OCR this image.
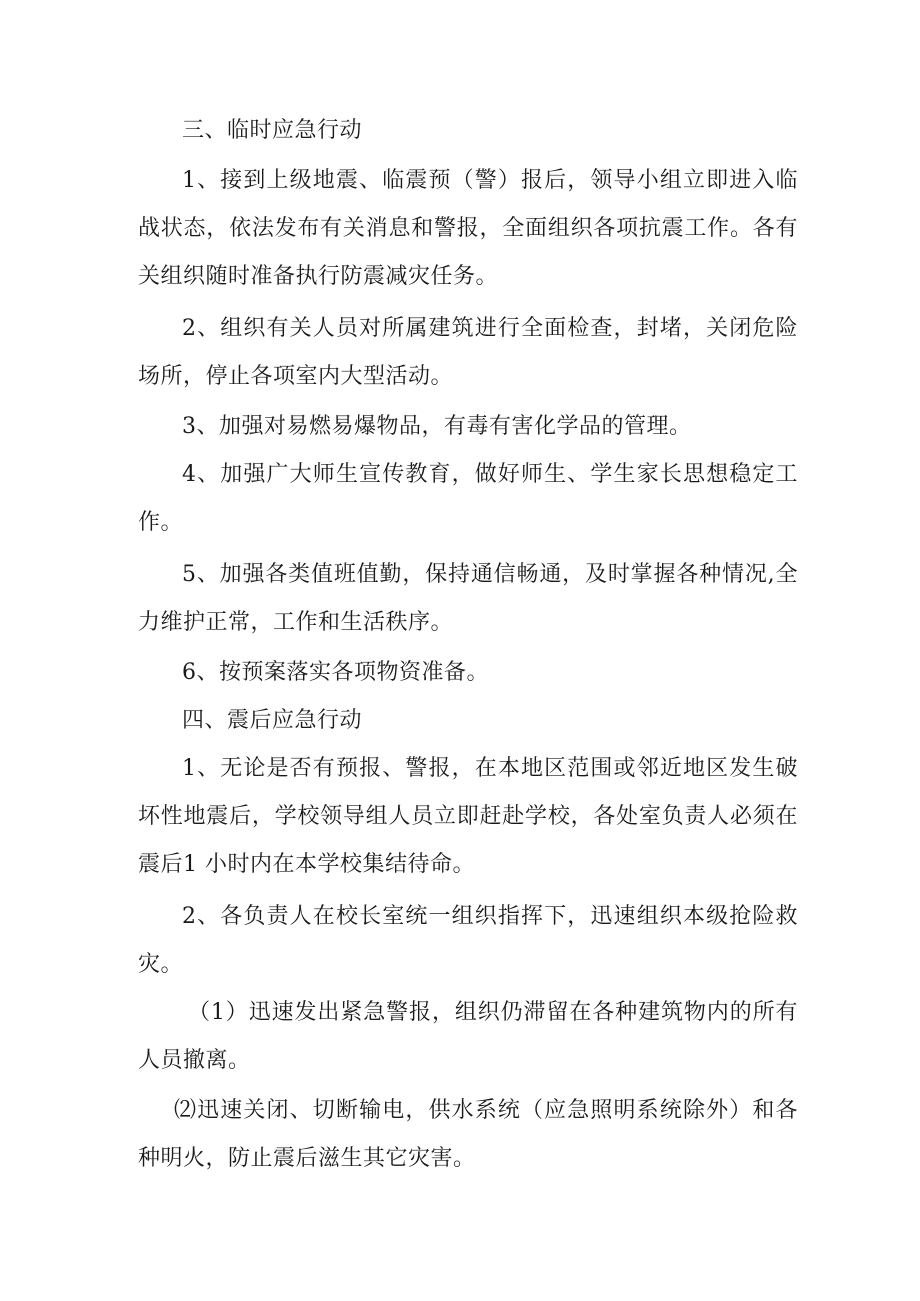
三、临时应急行动

1、接到上级地震、临震预（警）报后，领导小组立即进入临战状态，依法发布有关消息和警报，全面组织各项抗震工作。各有关组织随时准备执行防震减灾任务。

2、组织有关人员对所属建筑进行全面检查，封堵，关闭危险场所，停止各项室内大型活动。

3、加强对易燃易爆物品，有毒有害化学品的管理。

4、加强广大师生宣传教育，做好师生、学生家长思想稳定工作。

5、加强各类值班值勤，保持通信畅通，及时掌握各种情况,全力维护正常，工作和生活秩序。

6、按预案落实各项物资准备。

四、震后应急行动

1、无论是否有预报、警报，在本地区范围或邻近地区发生破坏性地震后，学校领导组人员立即赶赴学校，各处室负责人必须在震后1 小时内在本学校集结待命。

2、各负责人在校长室统一组织指挥下，迅速组织本级抢险救灾。

（1）迅速发出紧急警报，组织仍滞留在各种建筑物内的所有人员撤离。

⑵迅速关闭、切断输电，供水系统（应急照明系统除外）和各种明火，防止震后滋生其它灾害。
